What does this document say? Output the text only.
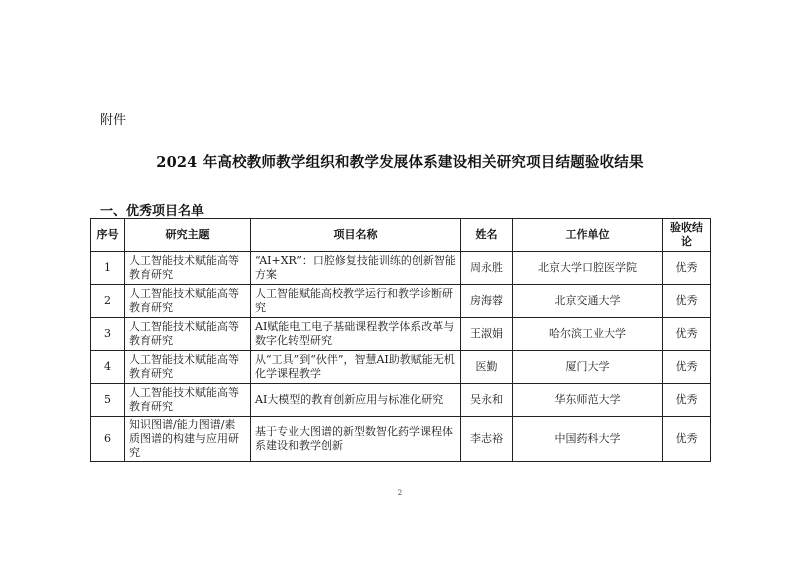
附件
2024 年高校教师教学组织和教学发展体系建设相关研究项目结题验收结果
一、优秀项目名单
序号	研究主题	项目名称	姓名	工作单位	验收结论
1	人工智能技术赋能高等教育研究	“AI+XR”：口腔修复技能训练的创新智能方案	周永胜	北京大学口腔医学院	优秀
2	人工智能技术赋能高等教育研究	人工智能赋能高校教学运行和教学诊断研究	房海蓉	北京交通大学	优秀
3	人工智能技术赋能高等教育研究	AI赋能电工电子基础课程教学体系改革与数字化转型研究	王淑娟	哈尔滨工业大学	优秀
4	人工智能技术赋能高等教育研究	从“工具”到“伙伴”，智慧AI助教赋能无机化学课程教学	医勤	厦门大学	优秀
5	人工智能技术赋能高等教育研究	AI大模型的教育创新应用与标准化研究	吴永和	华东师范大学	优秀
6	知识图谱/能力图谱/素质图谱的构建与应用研究	基于专业大图谱的新型数智化药学课程体系建设和教学创新	李志裕	中国药科大学	优秀
2
